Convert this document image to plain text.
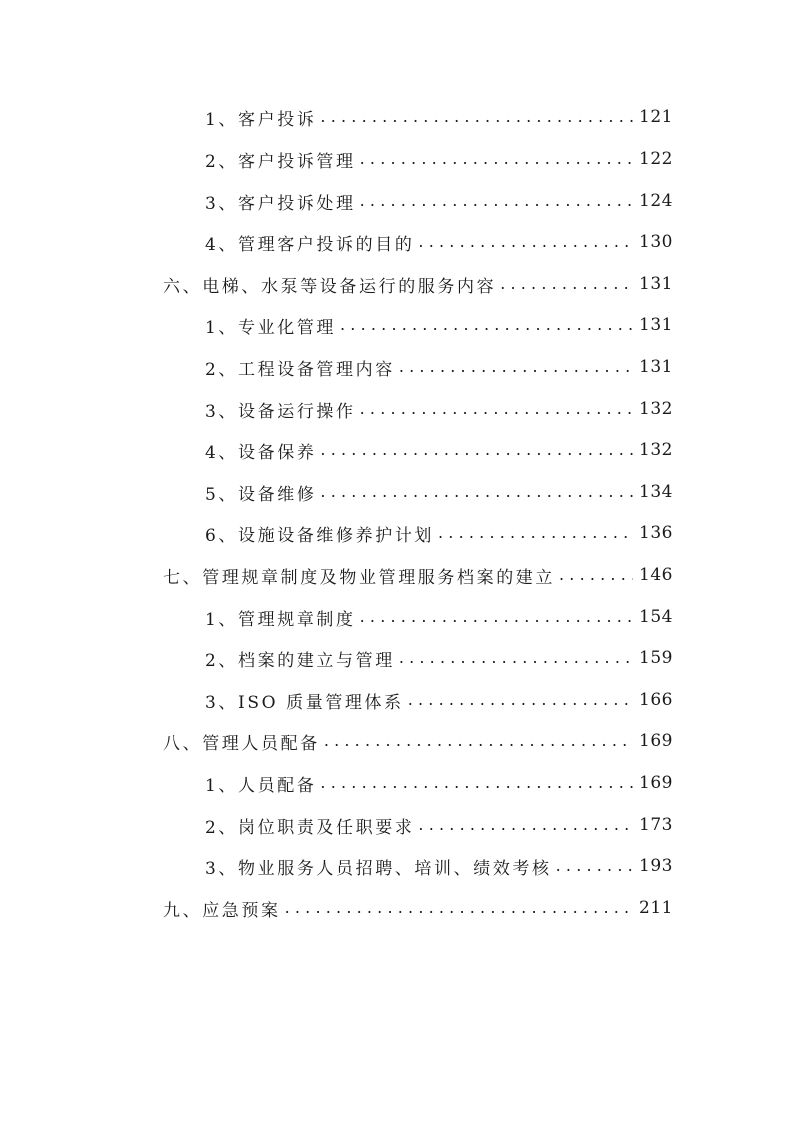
1、客户投诉 .....	121
2、客户投诉管理 .....	122
3、客户投诉处理 .....	124
4、管理客户投诉的目的 .....	130
六、电梯、水泵等设备运行的服务内容 .....	131
1、专业化管理 .....	131
2、工程设备管理内容 .....	131
3、设备运行操作 .....	132
4、设备保养 .....	132
5、设备维修 .....	134
6、设施设备维修养护计划 .....	136
七、管理规章制度及物业管理服务档案的建立 .....	146
1、管理规章制度 .....	154
2、档案的建立与管理 .....	159
3、ISO 质量管理体系 .....	166
八、管理人员配备 .....	169
1、人员配备 .....	169
2、岗位职责及任职要求 .....	173
3、物业服务人员招聘、培训、绩效考核 .....	193
九、应急预案 .....	211
